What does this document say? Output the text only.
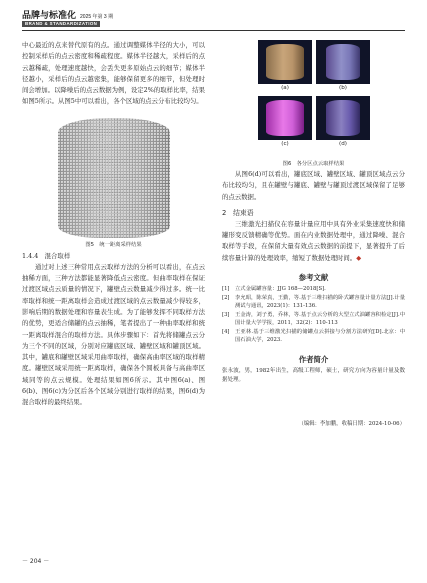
品牌与标准化 2025 年第 3 期
BRAND & STANDARDIZATION

中心最近的点来替代原有的点。通过调整媒体半径的大小，可以控制采样后的点云密度和稀疏程度。媒体半径越大，采样后的点云越稀疏，处理速度越快，会丢失更多原始点云的细节；媒体半径越小，采样后的点云越密集，能够保留更多的细节，但处理时间会增加。以降噪后的点云数据为例，设定2%的取样比率，结果如图5所示。从图5中可以看出，各个区域的点云分布比较均匀。

图5　统一距离采样结果

1.4.4　混合取样

通过对上述三种常用点云取样方法的分析可以看出，在点云抽稀方面，三种方法都能显著降低点云密度。但曲率取样在保证过渡区域点云质量的情况下，罐壁点云数量减少得过多。统一比率取样和统一距离取样会造成过渡区域的点云数量减少得较多，影响后期的数据处理和容量表生成。为了能够发挥不同取样方法的优势，更适合储罐的点云抽稀，笔者提出了一种曲率取样和统一距离取样混合的取样方法。具体步骤如下：首先将储罐点云分为三个不同的区域，分别对应罐底区域、罐壁区域和罐顶区域。其中，罐底和罐壁区域采用曲率取样，确保高曲率区域的取样精度。罐壁区域采用统一距离取样，确保各个圆板具备与高曲率区域同等的点云规模。处理结果如图6所示。其中图6(a)、图6(b)、图6(c)为分区后各个区域分别进行取样的结果，图6(d)为混合取样的最终结果。

(a)	(b)
(c)	(d)

图6　各分区点云取样结果

从图6(d)可以看出，罐底区域、罐壁区域、罐顶区域点云分布比较均匀，且在罐壁与罐底、罐壁与罐顶过渡区域保留了足够的点云数据。

2　结束语

三维激光扫描仪在容量计量应用中具有外业采集速度快和储罐形变反馈精确等优势。面在内业数据处理中，通过降噪、混合取样等手段，在保留大量有效点云数据的前提下，显著提升了后续容量计算的处理效率，缩短了数据处理时间。◆

参考文献

[1]	立式金属罐容量：JJG 168—2018[S].
[2]	李允昭，陈荣真，王勤，等.基于三维扫描的卧式罐容量计量方法[J].计量测试与通讯，2023(1)：131-136.
[3]	王金涛，刘子勇，乔林，等.基于点云分析的大型立式油罐容积检定[J].中国计量大学学报，2011，32(2)：110-113
[4]	王亚林.基于三维激光扫描的储罐点云拼接与分割方法研究[D].北京：中国石油大学，2023.

作者简介

张永波，男，1982年出生，高级工程师，硕士，研究方向为容量计量及数据处理。

（编辑：李加鹏，收稿日期：2024-10-06）

－ 204 －
